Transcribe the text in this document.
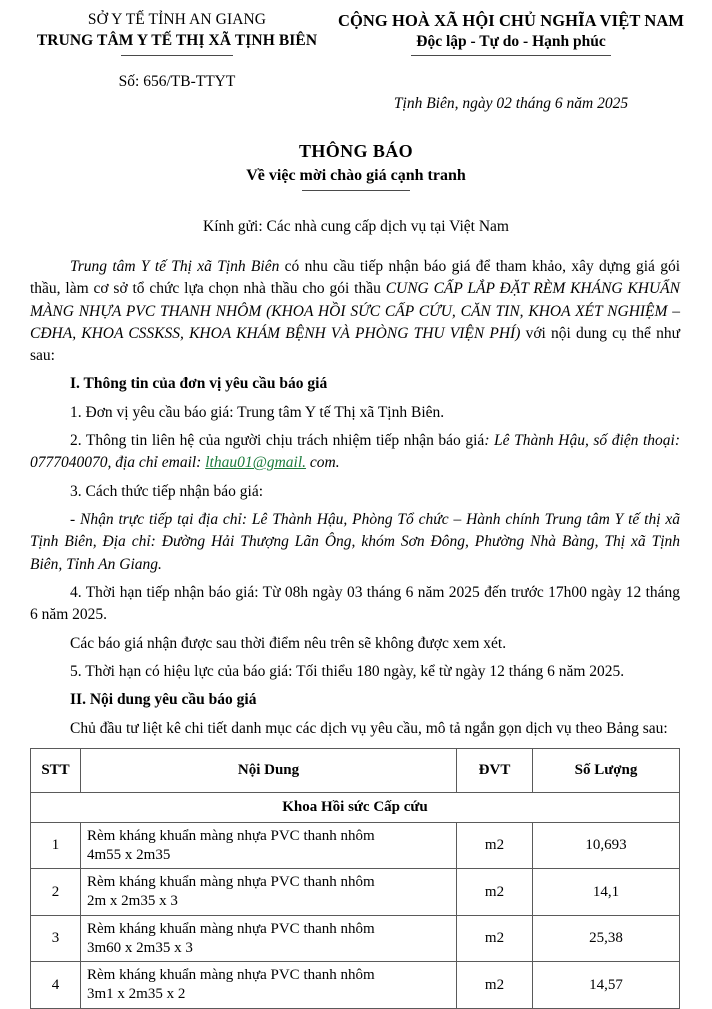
SỞ Y TẾ TỈNH AN GIANG
TRUNG TÂM Y TẾ THỊ XÃ TỊNH BIÊN
CỘNG HOÀ XÃ HỘI CHỦ NGHĨA VIỆT NAM
Độc lập - Tự do - Hạnh phúc
Số: 656/TB-TTYT
Tịnh Biên, ngày 02 tháng 6 năm 2025
THÔNG BÁO
Về việc mời chào giá cạnh tranh
Kính gửi: Các nhà cung cấp dịch vụ tại Việt Nam

Trung tâm Y tế Thị xã Tịnh Biên có nhu cầu tiếp nhận báo giá để tham khảo, xây dựng giá gói thầu, làm cơ sở tổ chức lựa chọn nhà thầu cho gói thầu CUNG CẤP LẮP ĐẶT RÈM KHÁNG KHUẨN MÀNG NHỰA PVC THANH NHÔM (KHOA HỒI SỨC CẤP CỨU, CĂN TIN, KHOA XÉT NGHIỆM – CĐHA, KHOA CSSKSS, KHOA KHÁM BỆNH VÀ PHÒNG THU VIỆN PHÍ) với nội dung cụ thể như sau:

I. Thông tin của đơn vị yêu cầu báo giá

1. Đơn vị yêu cầu báo giá: Trung tâm Y tế Thị xã Tịnh Biên.

2. Thông tin liên hệ của người chịu trách nhiệm tiếp nhận báo giá: Lê Thành Hậu, số điện thoại: 0777040070, địa chỉ email: lthau01@gmail. com.

3. Cách thức tiếp nhận báo giá:

- Nhận trực tiếp tại địa chỉ: Lê Thành Hậu, Phòng Tổ chức – Hành chính Trung tâm Y tế thị xã Tịnh Biên, Địa chỉ: Đường Hải Thượng Lãn Ông, khóm Sơn Đông, Phường Nhà Bàng, Thị xã Tịnh Biên, Tỉnh An Giang.

4. Thời hạn tiếp nhận báo giá: Từ 08h ngày 03 tháng 6 năm 2025 đến trước 17h00 ngày 12 tháng 6 năm 2025.

Các báo giá nhận được sau thời điểm nêu trên sẽ không được xem xét.

5. Thời hạn có hiệu lực của báo giá: Tối thiểu 180 ngày, kể từ ngày 12 tháng 6 năm 2025.

II. Nội dung yêu cầu báo giá

Chủ đầu tư liệt kê chi tiết danh mục các dịch vụ yêu cầu, mô tả ngắn gọn dịch vụ theo Bảng sau:

STT	Nội Dung	ĐVT	Số Lượng
Khoa Hồi sức Cấp cứu			
1	Rèm kháng khuẩn màng nhựa PVC thanh nhôm
4m55 x 2m35	m2	10,693
2	Rèm kháng khuẩn màng nhựa PVC thanh nhôm
2m x 2m35 x 3	m2	14,1
3	Rèm kháng khuẩn màng nhựa PVC thanh nhôm
3m60 x 2m35 x 3	m2	25,38
4	Rèm kháng khuẩn màng nhựa PVC thanh nhôm
3m1 x 2m35 x 2	m2	14,57
